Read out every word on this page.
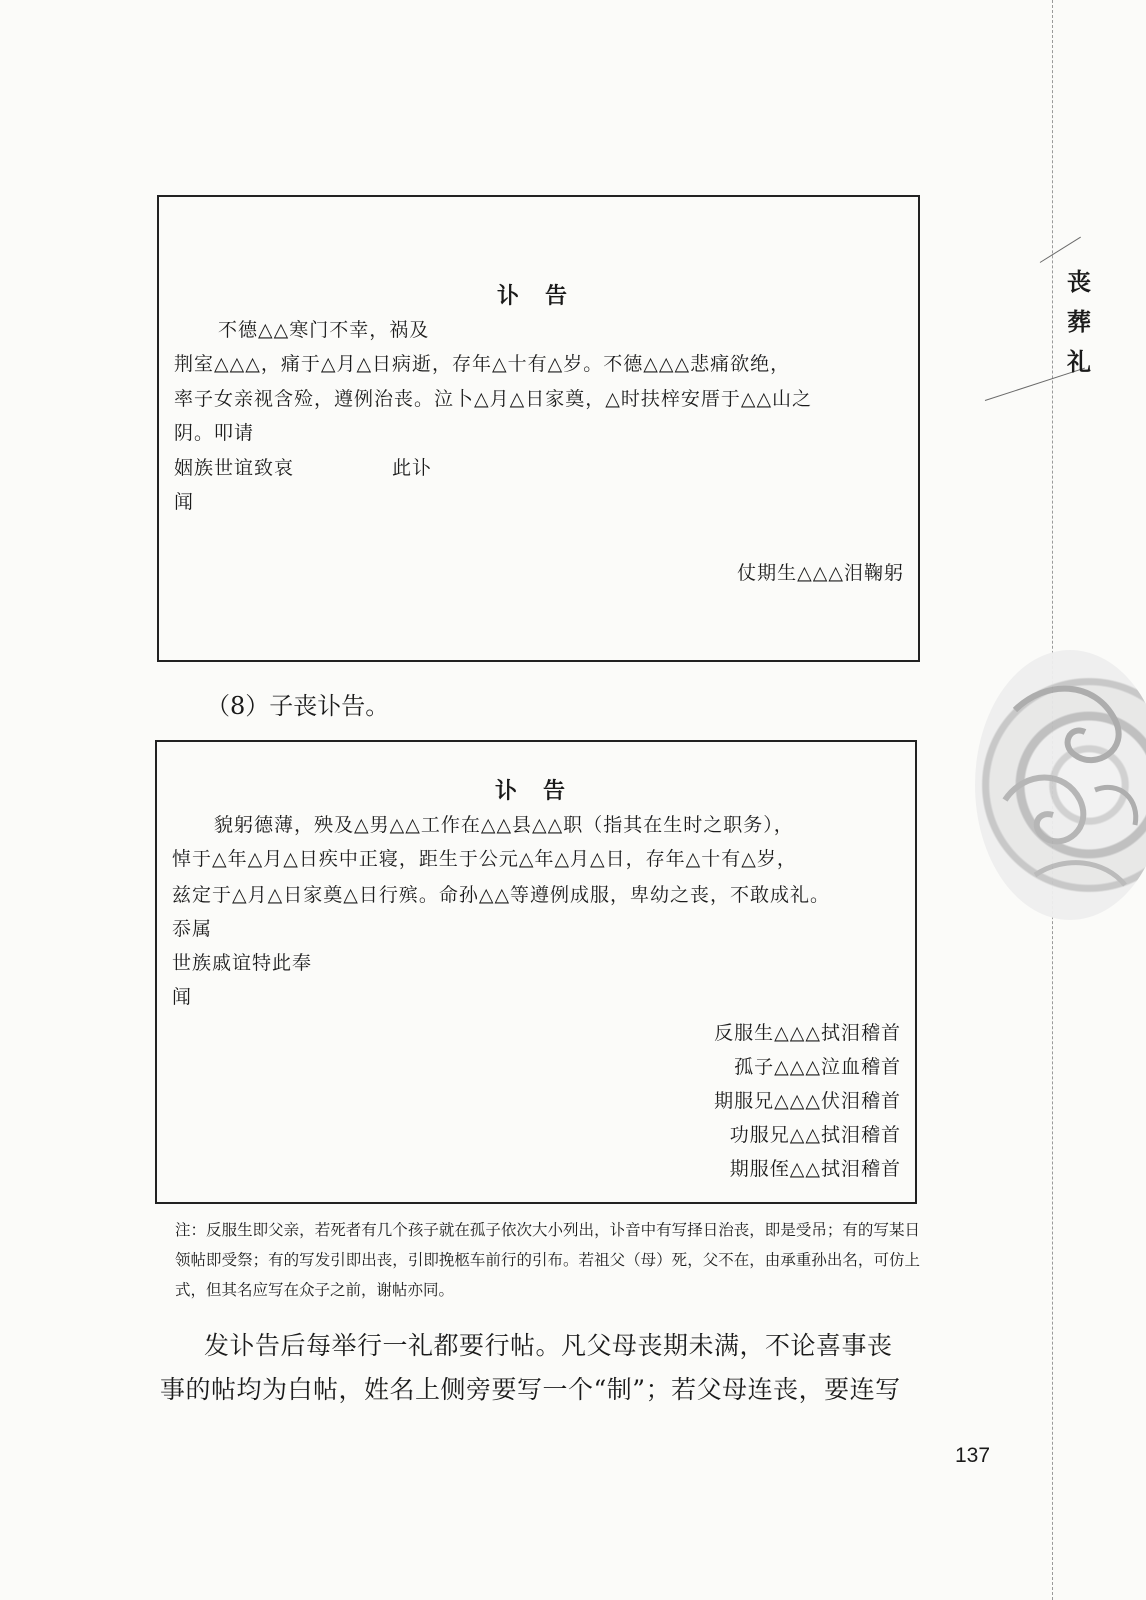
丧
葬
礼

讣　告

不德△△寒门不幸，祸及

荆室△△△，痛于△月△日病逝，存年△十有△岁。不德△△△悲痛欲绝，

率子女亲视含殓，遵例治丧。泣卜△月△日家奠，△时扶梓安厝于△△山之

阴。叩请

姻族世谊致哀	此讣

闻

仗期生△△△泪鞠躬

（8）子丧讣告。

讣　告

貌躬德薄，殃及△男△△工作在△△县△△职（指其在生时之职务），

悼于△年△月△日疾中正寝，距生于公元△年△月△日，存年△十有△岁，

兹定于△月△日家奠△日行殡。命孙△△等遵例成服，卑幼之丧，不敢成礼。

忝属

世族戚谊特此奉

闻

反服生△△△拭泪稽首

孤子△△△泣血稽首

期服兄△△△伏泪稽首

功服兄△△拭泪稽首

期服侄△△拭泪稽首

注：反服生即父亲，若死者有几个孩子就在孤子依次大小列出，讣音中有写择日治丧，即是受吊；有的写某日领帖即受祭；有的写发引即出丧，引即挽柩车前行的引布。若祖父（母）死，父不在，由承重孙出名，可仿上式，但其名应写在众子之前，谢帖亦同。
发讣告后每举行一礼都要行帖。凡父母丧期未满，不论喜事丧
事的帖均为白帖，姓名上侧旁要写一个“制”；若父母连丧，要连写
137
